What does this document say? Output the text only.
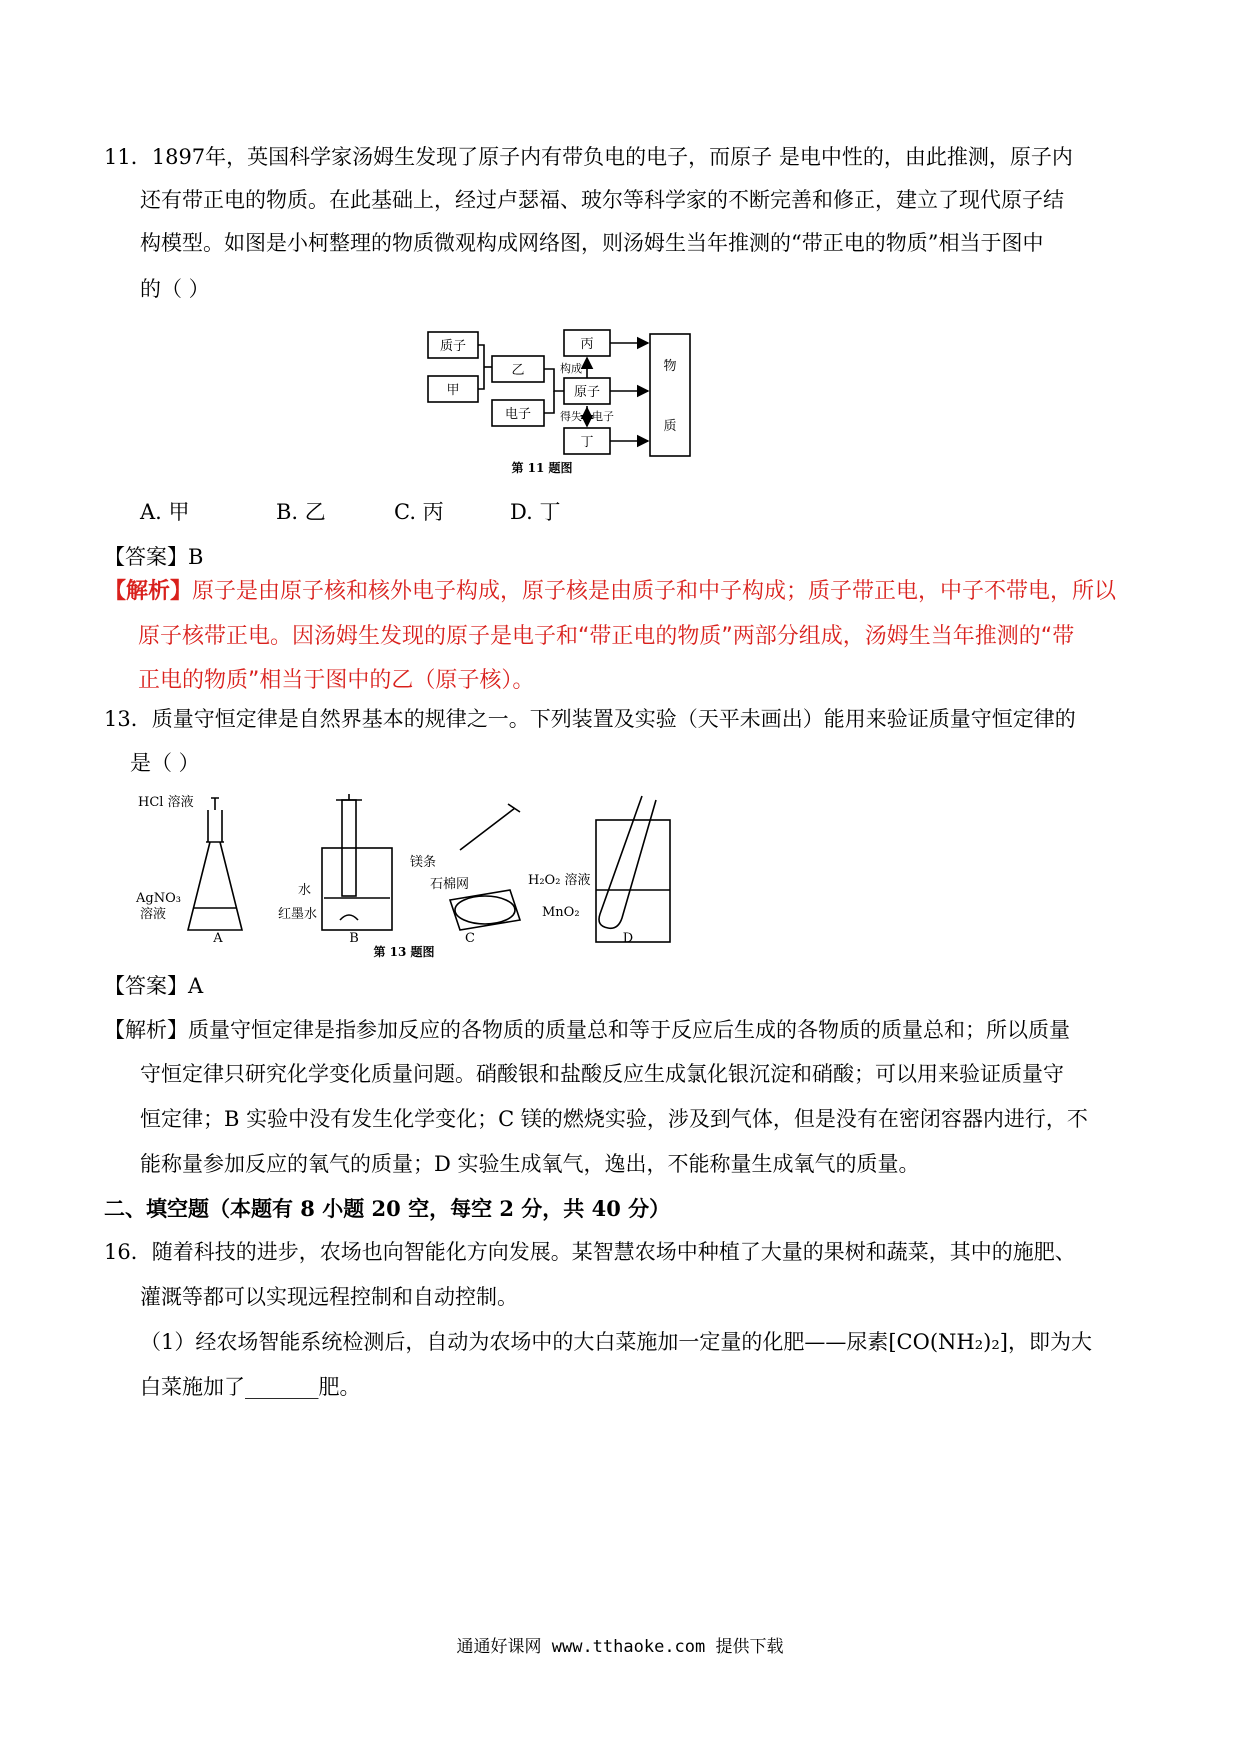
11．1897年，英国科学家汤姆生发现了原子内有带负电的电子，而原子 是电中性的，由此推测，原子内
还有带正电的物质。在此基础上，经过卢瑟福、玻尔等科学家的不断完善和修正，建立了现代原子结
构模型。如图是小柯整理的物质微观构成网络图，则汤姆生当年推测的“带正电的物质”相当于图中
的（ ）
质子
甲
乙
电子
丙
原子
丁
物
质
构成
得失 电子
第 11 题图
A. 甲	B. 乙	C. 丙	D. 丁
【答案】B
【解析】原子是由原子核和核外电子构成，原子核是由质子和中子构成；质子带正电，中子不带电，所以
原子核带正电。因汤姆生发现的原子是电子和“带正电的物质”两部分组成，汤姆生当年推测的“带
正电的物质”相当于图中的乙（原子核）。
13．质量守恒定律是自然界基本的规律之一。下列装置及实验（天平未画出）能用来验证质量守恒定律的
是（ ）
HCl 溶液
AgNO₃
溶液
水
红墨水
镁条
石棉网	H₂O₂ 溶液
MnO₂
A	B	C	D
第 13 题图
【答案】A
【解析】质量守恒定律是指参加反应的各物质的质量总和等于反应后生成的各物质的质量总和；所以质量
守恒定律只研究化学变化质量问题。硝酸银和盐酸反应生成氯化银沉淀和硝酸；可以用来验证质量守
恒定律；B 实验中没有发生化学变化；C 镁的燃烧实验，涉及到气体，但是没有在密闭容器内进行，不
能称量参加反应的氧气的质量；D 实验生成氧气，逸出，不能称量生成氧气的质量。
二、填空题（本题有 8 小题 20 空，每空 2 分，共 40 分）
16．随着科技的进步，农场也向智能化方向发展。某智慧农场中种植了大量的果树和蔬菜，其中的施肥、
灌溉等都可以实现远程控制和自动控制。
（1）经农场智能系统检测后，自动为农场中的大白菜施加一定量的化肥——尿素[CO(NH₂)₂]，即为大
白菜施加了_______肥。
通通好课网 www.tthaoke.com 提供下载
